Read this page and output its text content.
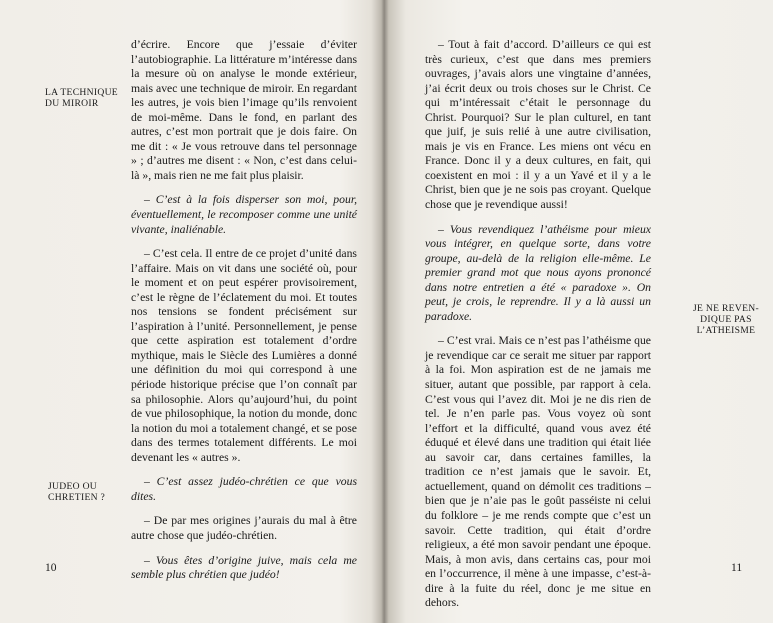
LA TECHNIQUE
DU MIROIR
JUDEO OU
CHRETIEN ?

d’écrire. Encore que j’essaie d’éviter l’autobiographie. La littérature m’intéresse dans la mesure où on analyse le monde extérieur, mais avec une technique de miroir. En regardant les autres, je vois bien l’image qu’ils renvoient de moi-même. Dans le fond, en parlant des autres, c’est mon portrait que je dois faire. On me dit : « Je vous retrouve dans tel personnage » ; d’autres me disent : « Non, c’est dans celui-là », mais rien ne me fait plus plaisir.

– C’est à la fois disperser son moi, pour, éventuellement, le recomposer comme une unité vivante, inaliénable.

– C’est cela. Il entre de ce projet d’unité dans l’affaire. Mais on vit dans une société où, pour le moment et on peut espérer provisoirement, c’est le règne de l’éclatement du moi. Et toutes nos tensions se fondent précisément sur l’aspiration à l’unité. Personnellement, je pense que cette aspiration est totalement d’ordre mythique, mais le Siècle des Lumières a donné une définition du moi qui correspond à une période historique précise que l’on connaît par sa philosophie. Alors qu’aujourd’hui, du point de vue philosophique, la notion du monde, donc la notion du moi a totalement changé, et se pose dans des termes totalement différents. Le moi devenant les « autres ».

– C’est assez judéo-chrétien ce que vous dites.

– De par mes origines j’aurais du mal à être autre chose que judéo-chrétien.

– Vous êtes d’origine juive, mais cela me semble plus chrétien que judéo!

10

– Tout à fait d’accord. D’ailleurs ce qui est très curieux, c’est que dans mes premiers ouvrages, j’avais alors une vingtaine d’années, j’ai écrit deux ou trois choses sur le Christ. Ce qui m’intéressait c’était le personnage du Christ. Pourquoi? Sur le plan culturel, en tant que juif, je suis relié à une autre civilisation, mais je vis en France. Les miens ont vécu en France. Donc il y a deux cultures, en fait, qui coexistent en moi : il y a un Yavé et il y a le Christ, bien que je ne sois pas croyant. Quelque chose que je revendique aussi!

– Vous revendiquez l’athéisme pour mieux vous intégrer, en quelque sorte, dans votre groupe, au-delà de la religion elle-même. Le premier grand mot que nous ayons prononcé dans notre entretien a été « paradoxe ». On peut, je crois, le reprendre. Il y a là aussi un paradoxe.

– C’est vrai. Mais ce n’est pas l’athéisme que je revendique car ce serait me situer par rapport à la foi. Mon aspiration est de ne jamais me situer, autant que possible, par rapport à cela. C’est vous qui l’avez dit. Moi je ne dis rien de tel. Je n’en parle pas. Vous voyez où sont l’effort et la difficulté, quand vous avez été éduqué et élevé dans une tradition qui était liée au savoir car, dans certaines familles, la tradition ce n’est jamais que le savoir. Et, actuellement, quand on démolit ces traditions – bien que je n’aie pas le goût passéiste ni celui du folklore – je me rends compte que c’est un savoir. Cette tradition, qui était d’ordre religieux, a été mon savoir pendant une époque. Mais, à mon avis, dans certains cas, pour moi en l’occurrence, il mène à une impasse, c’est-à-dire à la fuite du réel, donc je me situe en dehors.

JE NE REVEN-
DIQUE PAS
L’ATHEISME
11
